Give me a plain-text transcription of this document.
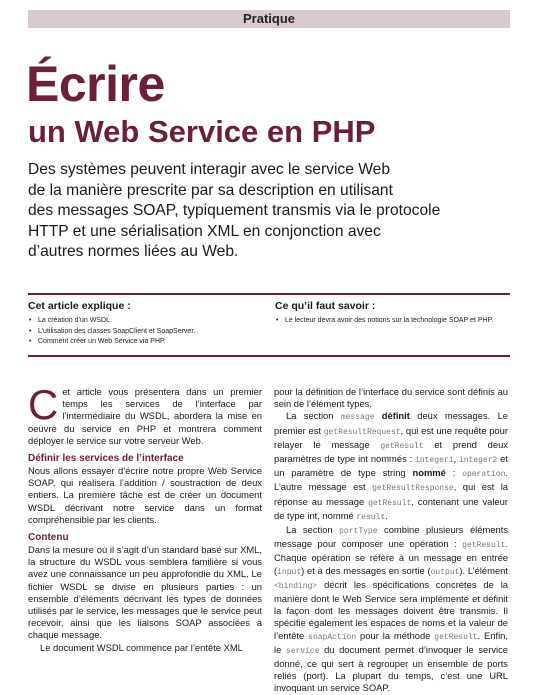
Pratique
Écrire
un Web Service en PHP

Des systèmes peuvent interagir avec le service Web

de la manière prescrite par sa description en utilisant

des messages SOAP, typiquement transmis via le protocole

HTTP et une sérialisation XML en conjonction avec

d’autres normes liées au Web.

Cet article explique :
• La création d’un WSDL.
• L’utilisation des classes SoapClient et SoapServer.
• Comment créer un Web Service via PHP.
Ce qu’il faut savoir :
• Le lecteur devra avoir des notions sur la technologie SOAP et PHP.

Cet article vous présentera dans un premier temps les services de l’interface par l’intermédiaire du WSDL, abordera la mise en oeuvre du service en PHP et montrera comment déployer le service sur votre serveur Web.

Définir les services de l’interface

Nous allons essayer d’écrire notre propre Web Service SOAP, qui réalisera l’addition / soustraction de deux entiers. La première tâche est de créer un document WSDL décrivant notre service dans un format compréhensible par les clients.

Contenu

Dans la mesure où il s’agit d’un standard basé sur XML, la structure du WSDL vous semblera familière si vous avez une connaissance un peu approfondie du XML. Le fichier WSDL se divise en plusieurs parties : un ensemble d’éléments décrivant les types de données utilisés par le service, les messages que le service peut recevoir, ainsi que les liaisons SOAP associées à chaque message.

Le document WSDL commence par l’entête XML

pour la définition de l’interface du service sont définis au sein de l’élément types.

La section message définit deux messages. Le premier est getResultRequest, qui est une requête pour relayer le message getResult et prend deux paramètres de type int nommés : integer1, integer2 et un paramètre de type string nommé : operation. L’autre message est getResultResponse, qui est la réponse au message getResult, contenant une valeur de type int, nommé result.

La section portType combine plusieurs éléments message pour composer une opération : getResult. Chaque opération se réfère à un message en entrée (input) et à des messages en sortie (output). L’élément <binding> décrit les spécifications concrètes de la manière dont le Web Service sera implémenté et définit la façon dont les messages doivent être transmis. Il spécifie également les espaces de noms et la valeur de l’entête soapAction pour la méthode getResult. Enfin, le service du document permet d’invoquer le service donné, ce qui sert à regrouper un ensemble de ports reliés (port). La plupart du temps, c’est une URL invoquant un service SOAP.
